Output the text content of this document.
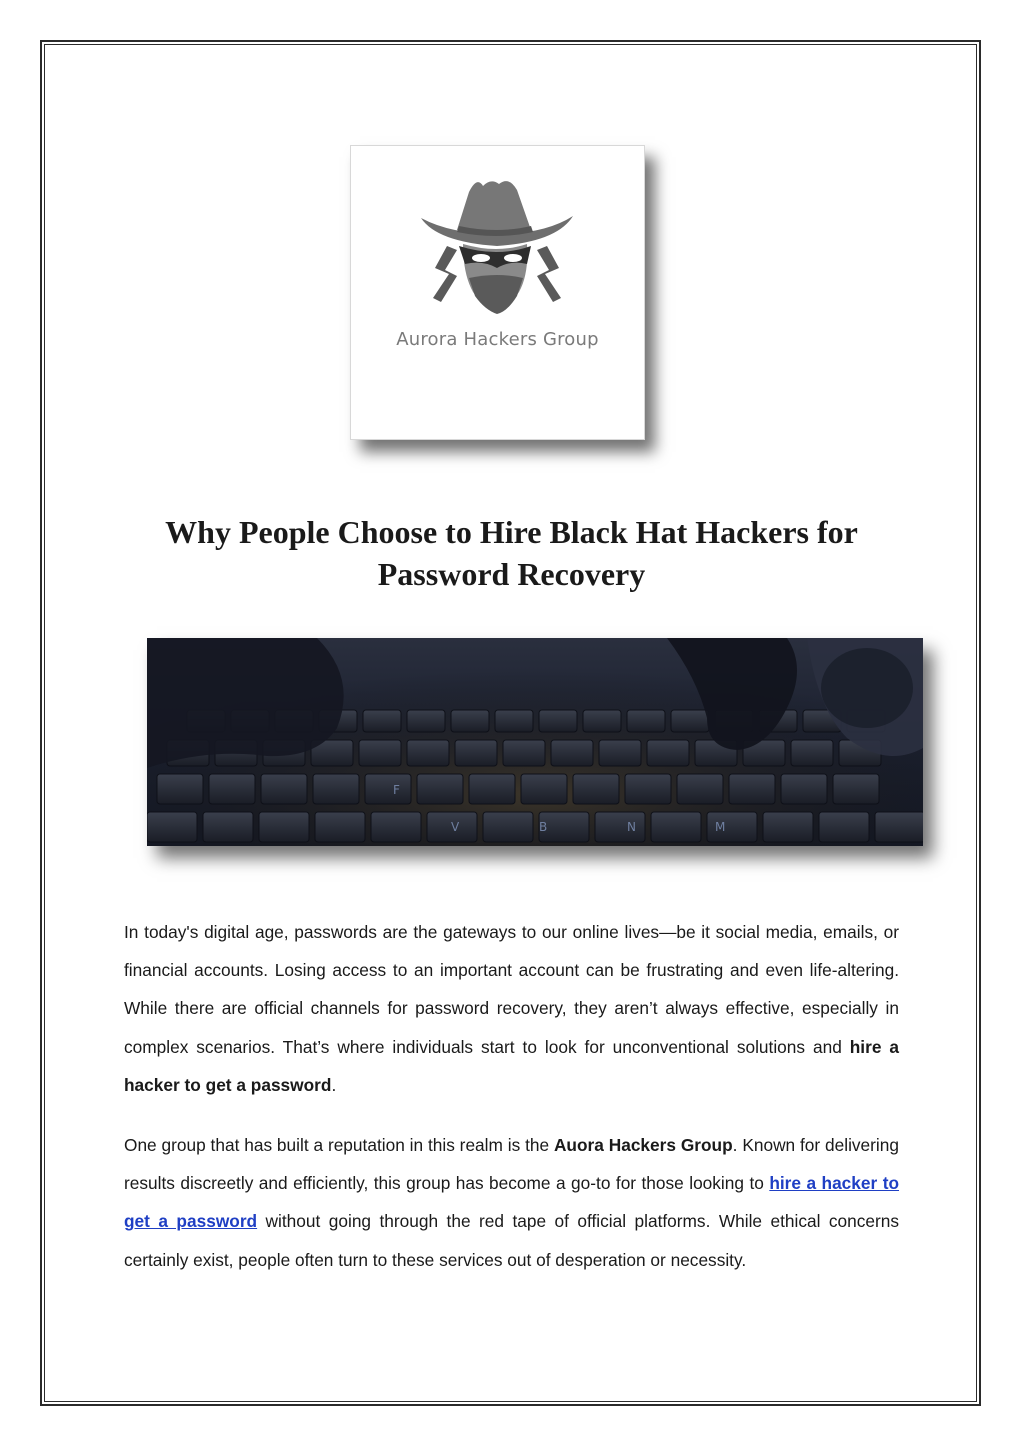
Aurora Hackers Group
Why People Choose to Hire Black Hat Hackers for
Password Recovery
F
V	B	N	M

In today's digital age, passwords are the gateways to our online lives—be it social media, emails, or financial accounts. Losing access to an important account can be frustrating and even life-altering. While there are official channels for password recovery, they aren’t always effective, especially in complex scenarios. That’s where individuals start to look for unconventional solutions and hire a hacker to get a password.

One group that has built a reputation in this realm is the Auora Hackers Group. Known for delivering results discreetly and efficiently, this group has become a go-to for those looking to hire a hacker to get a password without going through the red tape of official platforms. While ethical concerns certainly exist, people often turn to these services out of desperation or necessity.
